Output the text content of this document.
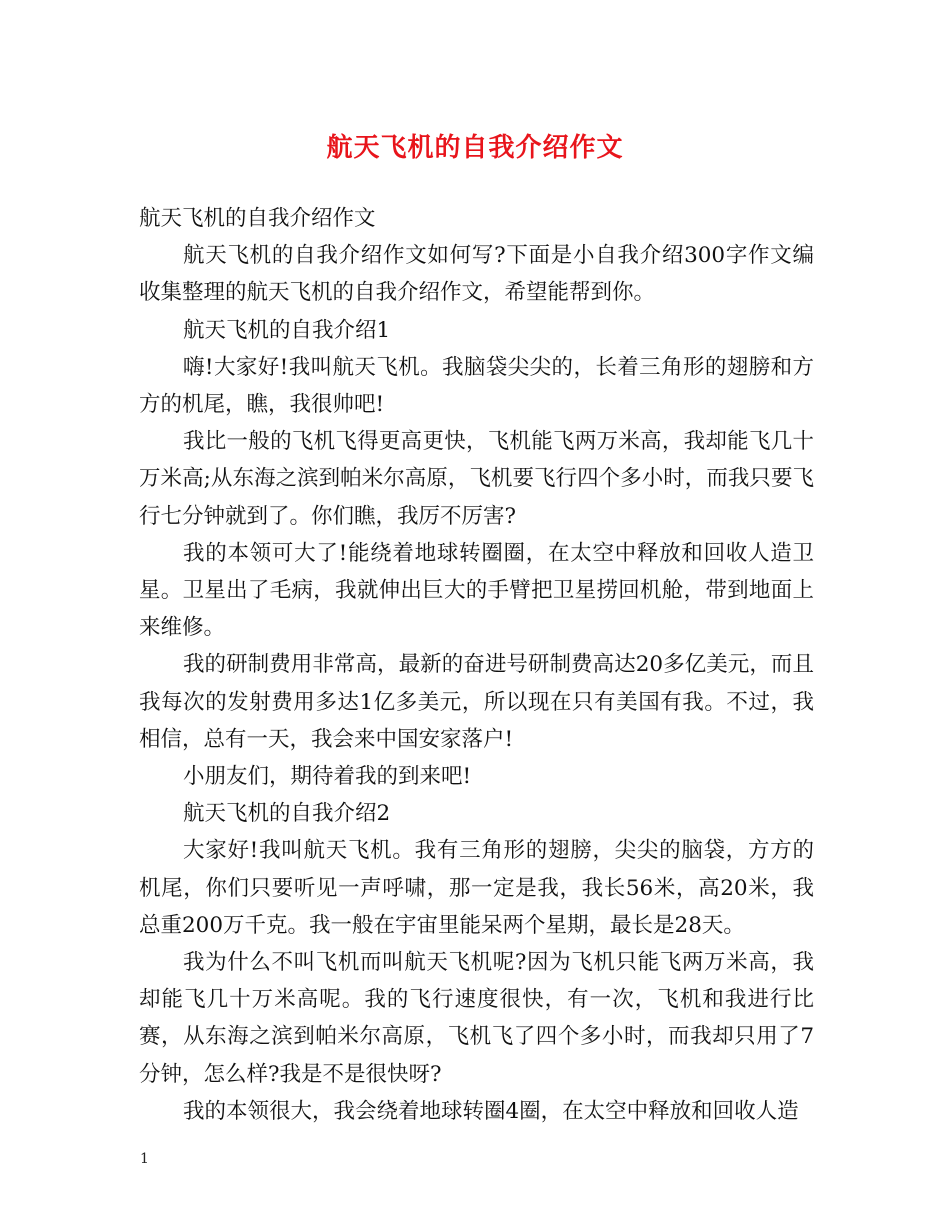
航天飞机的自我介绍作文

航天飞机的自我介绍作文

航天飞机的自我介绍作文如何写?下面是小自我介绍300字作文编收集整理的航天飞机的自我介绍作文，希望能帮到你。

航天飞机的自我介绍1

嗨!大家好!我叫航天飞机。我脑袋尖尖的，长着三角形的翅膀和方方的机尾，瞧，我很帅吧!

我比一般的飞机飞得更高更快，飞机能飞两万米高，我却能飞几十万米高;从东海之滨到帕米尔高原，飞机要飞行四个多小时，而我只要飞行七分钟就到了。你们瞧，我厉不厉害?

我的本领可大了!能绕着地球转圈圈，在太空中释放和回收人造卫星。卫星出了毛病，我就伸出巨大的手臂把卫星捞回机舱，带到地面上来维修。

我的研制费用非常高，最新的奋进号研制费高达20多亿美元，而且我每次的发射费用多达1亿多美元，所以现在只有美国有我。不过，我相信，总有一天，我会来中国安家落户!

小朋友们，期待着我的到来吧!

航天飞机的自我介绍2

大家好!我叫航天飞机。我有三角形的翅膀，尖尖的脑袋，方方的机尾，你们只要听见一声呼啸，那一定是我，我长56米，高20米，我总重200万千克。我一般在宇宙里能呆两个星期，最长是28天。

我为什么不叫飞机而叫航天飞机呢?因为飞机只能飞两万米高，我却能飞几十万米高呢。我的飞行速度很快，有一次，飞机和我进行比赛，从东海之滨到帕米尔高原，飞机飞了四个多小时，而我却只用了7分钟，怎么样?我是不是很快呀?

我的本领很大，我会绕着地球转圈4圈，在太空中释放和回收人造

1
